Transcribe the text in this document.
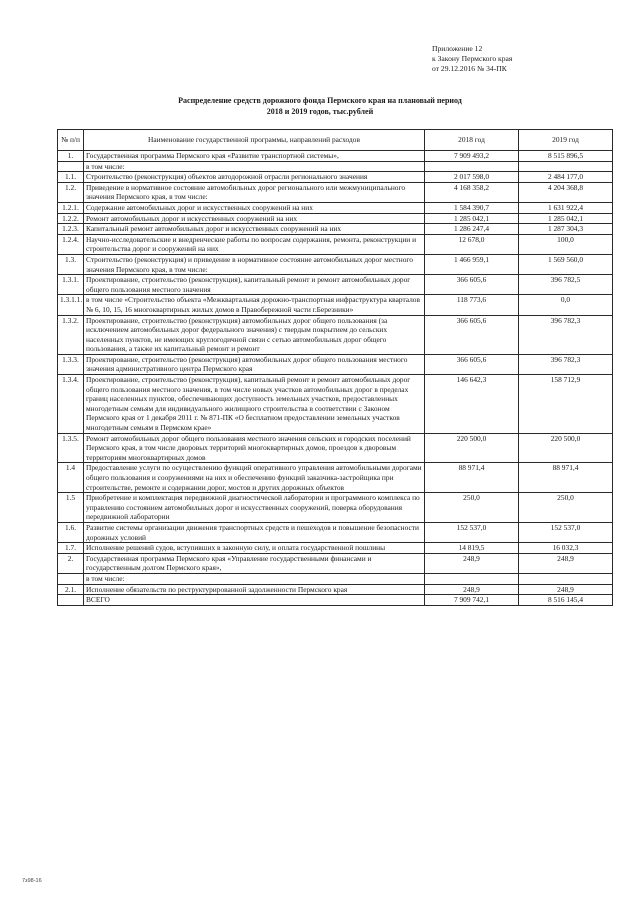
Приложение 12
к Закону Пермского края
от 29.12.2016 № 34-ПК
Распределение средств дорожного фонда Пермского края на плановый период
2018 и 2019 годов, тыс.рублей
№ п/п	Наименование государственной программы, направлений расходов	2018 год	2019 год
1.	Государственная программа Пермского края «Развитие транспортной системы»,	7 909 493,2	8 515 896,5
	в том числе:		
1.1.	Строительство (реконструкция) объектов автодорожной отрасли регионального значения	2 017 598,0	2 484 177,0
1.2.	Приведение в нормативное состояние автомобильных дорог регионального или межмуниципального значения Пермского края, в том числе:	4 168 358,2	4 204 368,8
1.2.1.	Содержание автомобильных дорог и искусственных сооружений на них	1 584 390,7	1 631 922,4
1.2.2.	Ремонт автомобильных дорог и искусственных сооружений на них	1 285 042,1	1 285 042,1
1.2.3.	Капитальный ремонт автомобильных дорог и искусственных сооружений на них	1 286 247,4	1 287 304,3
1.2.4.	Научно-исследовательские и внедренческие работы по вопросам содержания, ремонта, реконструкции и строительства дорог и сооружений на них	12 678,0	100,0
1.3.	Строительство (реконструкция) и приведение в нормативное состояние автомобильных дорог местного значения Пермского края, в том числе:	1 466 959,1	1 569 560,0
1.3.1.	Проектирование, строительство (реконструкция), капитальный ремонт и ремонт автомобильных дорог общего пользования местного значения	366 605,6	396 782,5
1.3.1.1.	в том числе «Строительство объекта «Межквартальная дорожно-транспортная инфраструктура кварталов № 6, 10, 15, 16 многоквартирных жилых домов в Правобережной части г.Березники»	118 773,6	0,0
1.3.2.	Проектирование, строительство (реконструкция) автомобильных дорог общего пользования (за исключением автомобильных дорог федерального значения) с твердым покрытием до сельских населенных пунктов, не имеющих круглогодичной связи с сетью автомобильных дорог общего пользования, а также их капитальный ремонт и ремонт	366 605,6	396 782,3
1.3.3.	Проектирование, строительство (реконструкция) автомобильных дорог общего пользования местного значения административного центра Пермского края	366 605,6	396 782,3
1.3.4.	Проектирование, строительство (реконструкция), капитальный ремонт и ремонт автомобильных дорог общего пользования местного значения, в том числе новых участков автомобильных дорог в пределах границ населенных пунктов, обеспечивающих доступность земельных участков, предоставленных многодетным семьям для индивидуального жилищного строительства в соответствии с Законом Пермского края от 1 декабря 2011 г. № 871-ПК «О бесплатном предоставлении земельных участков многодетным семьям в Пермском крае»	146 642,3	158 712,9
1.3.5.	Ремонт автомобильных дорог общего пользования местного значения сельских и городских поселений Пермского края, в том числе дворовых территорий многоквартирных домов, проездов к дворовым территориям многоквартирных домов	220 500,0	220 500,0
1.4	Предоставление услуги по осуществлению функций оперативного управления автомобильными дорогами общего пользования и сооружениями на них и обеспечению функций заказчика-застройщика при строительстве, ремонте и содержании дорог, мостов и других дорожных объектов	88 971,4	88 971,4
1.5	Приобретение и комплектация передвижной диагностической лаборатории и программного комплекса по управлению состоянием автомобильных дорог и искусственных сооружений, поверка оборудования передвижной лаборатории	250,0	250,0
1.6.	Развитие системы организации движения транспортных средств и пешеходов и повышение безопасности дорожных условий	152 537,0	152 537,0
1.7.	Исполнение решений судов, вступивших в законную силу, и оплата государственной пошлины	14 819,5	16 032,3
2.	Государственная программа Пермского края «Управление государственными финансами и государственным долгом Пермского края»,	248,9	248,9
	в том числе:		
2.1.	Исполнение обязательств по реструктурированной задолженности Пермского края	248,9	248,9
	ВСЕГО	7 909 742,1	8 516 145,4
7з98-16
